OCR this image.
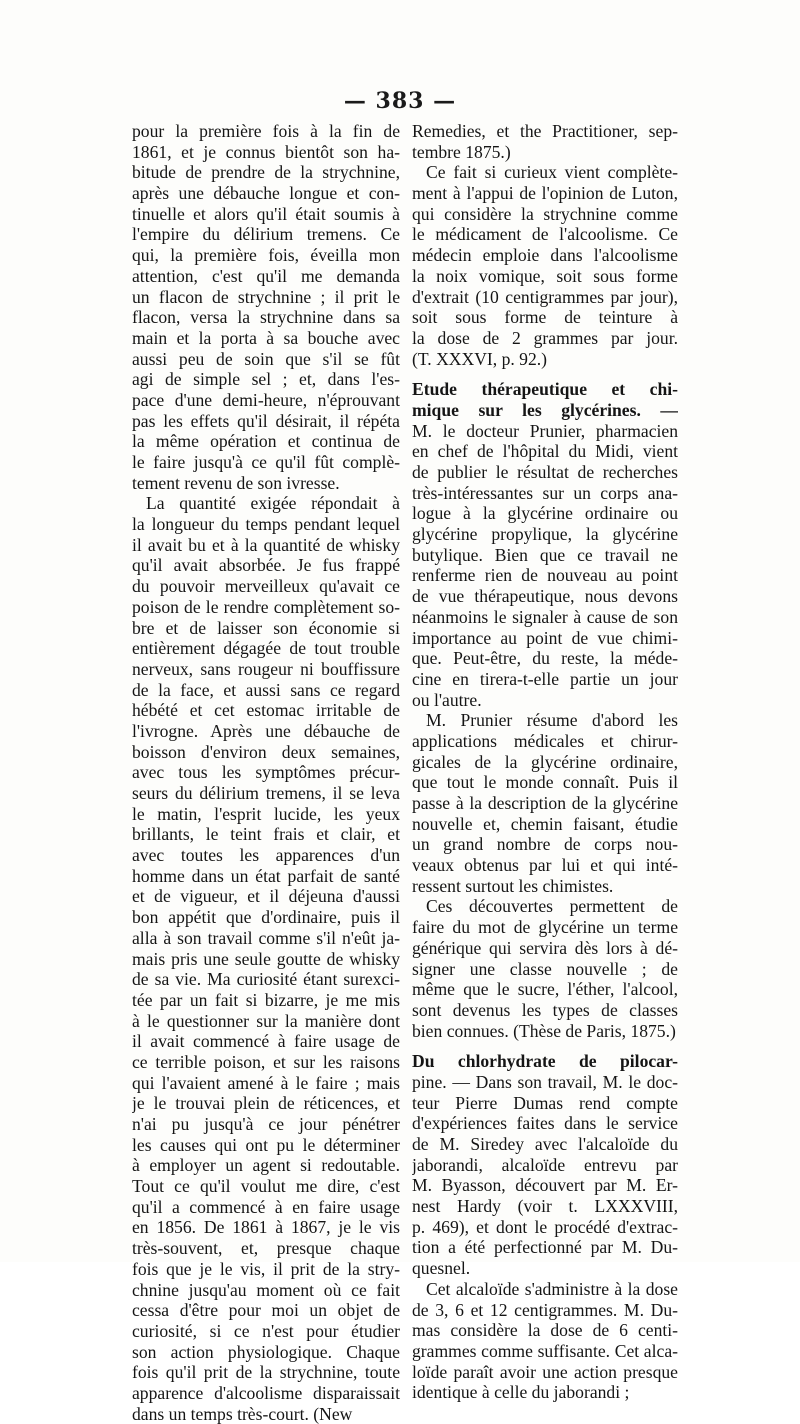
— 383 —
pour la première fois à la fin de
1861, et je connus bientôt son ha-
bitude de prendre de la strychnine,
après une débauche longue et con-
tinuelle et alors qu'il était soumis à
l'empire du délirium tremens. Ce
qui, la première fois, éveilla mon
attention, c'est qu'il me demanda
un flacon de strychnine ; il prit le
flacon, versa la strychnine dans sa
main et la porta à sa bouche avec
aussi peu de soin que s'il se fût
agi de simple sel ; et, dans l'es-
pace d'une demi-heure, n'éprouvant
pas les effets qu'il désirait, il répéta
la même opération et continua de
le faire jusqu'à ce qu'il fût complè-
tement revenu de son ivresse.
La quantité exigée répondait à
la longueur du temps pendant lequel
il avait bu et à la quantité de whisky
qu'il avait absorbée. Je fus frappé
du pouvoir merveilleux qu'avait ce
poison de le rendre complètement so-
bre et de laisser son économie si
entièrement dégagée de tout trouble
nerveux, sans rougeur ni bouffissure
de la face, et aussi sans ce regard
hébété et cet estomac irritable de
l'ivrogne. Après une débauche de
boisson d'environ deux semaines,
avec tous les symptômes précur-
seurs du délirium tremens, il se leva
le matin, l'esprit lucide, les yeux
brillants, le teint frais et clair, et
avec toutes les apparences d'un
homme dans un état parfait de santé
et de vigueur, et il déjeuna d'aussi
bon appétit que d'ordinaire, puis il
alla à son travail comme s'il n'eût ja-
mais pris une seule goutte de whisky
de sa vie. Ma curiosité étant surexci-
tée par un fait si bizarre, je me mis
à le questionner sur la manière dont
il avait commencé à faire usage de
ce terrible poison, et sur les raisons
qui l'avaient amené à le faire ; mais
je le trouvai plein de réticences, et
n'ai pu jusqu'à ce jour pénétrer
les causes qui ont pu le déterminer
à employer un agent si redoutable.
Tout ce qu'il voulut me dire, c'est
qu'il a commencé à en faire usage
en 1856. De 1861 à 1867, je le vis
très-souvent, et, presque chaque
fois que je le vis, il prit de la stry-
chnine jusqu'au moment où ce fait
cessa d'être pour moi un objet de
curiosité, si ce n'est pour étudier
son action physiologique. Chaque
fois qu'il prit de la strychnine, toute
apparence d'alcoolisme disparaissait
dans un temps très-court. (New
Remedies, et the Practitioner, sep-
tembre 1875.)
Ce fait si curieux vient complète-
ment à l'appui de l'opinion de Luton,
qui considère la strychnine comme
le médicament de l'alcoolisme. Ce
médecin emploie dans l'alcoolisme
la noix vomique, soit sous forme
d'extrait (10 centigrammes par jour),
soit sous forme de teinture à
la dose de 2 grammes par jour.
(T. XXXVI, p. 92.)
Etude thérapeutique et chi-
mique sur les glycérines. —
M. le docteur Prunier, pharmacien
en chef de l'hôpital du Midi, vient
de publier le résultat de recherches
très-intéressantes sur un corps ana-
logue à la glycérine ordinaire ou
glycérine propylique, la glycérine
butylique. Bien que ce travail ne
renferme rien de nouveau au point
de vue thérapeutique, nous devons
néanmoins le signaler à cause de son
importance au point de vue chimi-
que. Peut-être, du reste, la méde-
cine en tirera-t-elle partie un jour
ou l'autre.
M. Prunier résume d'abord les
applications médicales et chirur-
gicales de la glycérine ordinaire,
que tout le monde connaît. Puis il
passe à la description de la glycérine
nouvelle et, chemin faisant, étudie
un grand nombre de corps nou-
veaux obtenus par lui et qui inté-
ressent surtout les chimistes.
Ces découvertes permettent de
faire du mot de glycérine un terme
générique qui servira dès lors à dé-
signer une classe nouvelle ; de
même que le sucre, l'éther, l'alcool,
sont devenus les types de classes
bien connues. (Thèse de Paris, 1875.)
Du chlorhydrate de pilocar-
pine. — Dans son travail, M. le doc-
teur Pierre Dumas rend compte
d'expériences faites dans le service
de M. Siredey avec l'alcaloïde du
jaborandi, alcaloïde entrevu par
M. Byasson, découvert par M. Er-
nest Hardy (voir t. LXXXVIII,
p. 469), et dont le procédé d'extrac-
tion a été perfectionné par M. Du-
quesnel.
Cet alcaloïde s'administre à la dose
de 3, 6 et 12 centigrammes. M. Du-
mas considère la dose de 6 centi-
grammes comme suffisante. Cet alca-
loïde paraît avoir une action presque
identique à celle du jaborandi ;
